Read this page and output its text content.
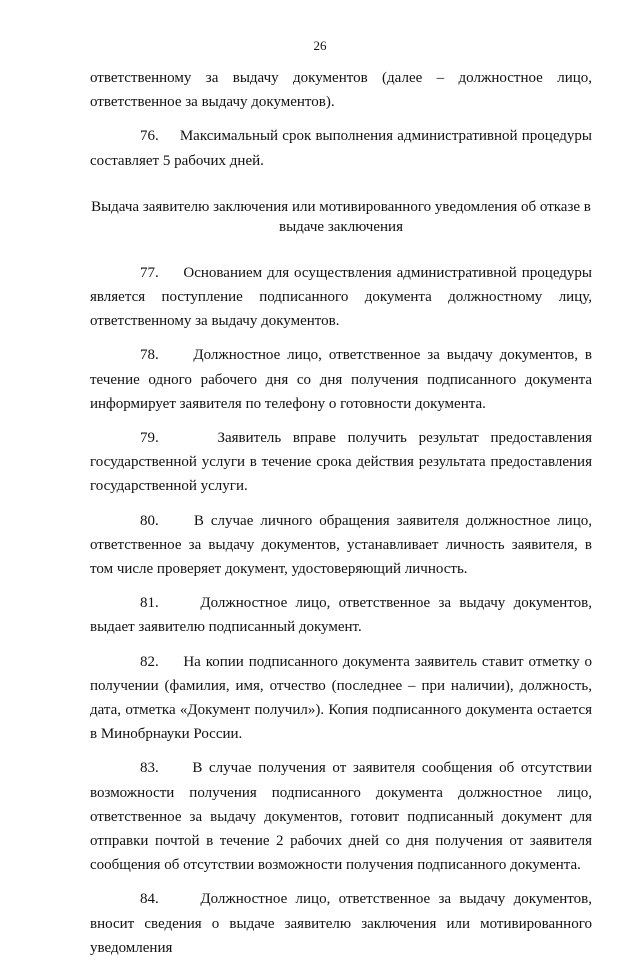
26

ответственному за выдачу документов (далее – должностное лицо, ответственное за выдачу документов).

76. Максимальный срок выполнения административной процедуры составляет 5 рабочих дней.

Выдача заявителю заключения или мотивированного уведомления об отказе в выдаче заключения

77. Основанием для осуществления административной процедуры является поступление подписанного документа должностному лицу, ответственному за выдачу документов.

78. Должностное лицо, ответственное за выдачу документов, в течение одного рабочего дня со дня получения подписанного документа информирует заявителя по телефону о готовности документа.

79.	Заявитель вправе получить результат предоставления государственной услуги в течение срока действия результата предоставления государственной услуги.

80. В случае личного обращения заявителя должностное лицо, ответственное за выдачу документов, устанавливает личность заявителя, в том числе проверяет документ, удостоверяющий личность.

81.	Должностное лицо, ответственное за выдачу документов, выдает заявителю подписанный документ.

82. На копии подписанного документа заявитель ставит отметку о получении (фамилия, имя, отчество (последнее – при наличии), должность, дата, отметка «Документ получил»). Копия подписанного документа остается в Минобрнауки России.

83. В случае получения от заявителя сообщения об отсутствии возможности получения подписанного документа должностное лицо, ответственное за выдачу документов, готовит подписанный документ для отправки почтой в течение 2 рабочих дней со дня получения от заявителя сообщения об отсутствии возможности получения подписанного документа.

84.	Должностное лицо, ответственное за выдачу документов, вносит сведения о выдаче заявителю заключения или мотивированного уведомления
